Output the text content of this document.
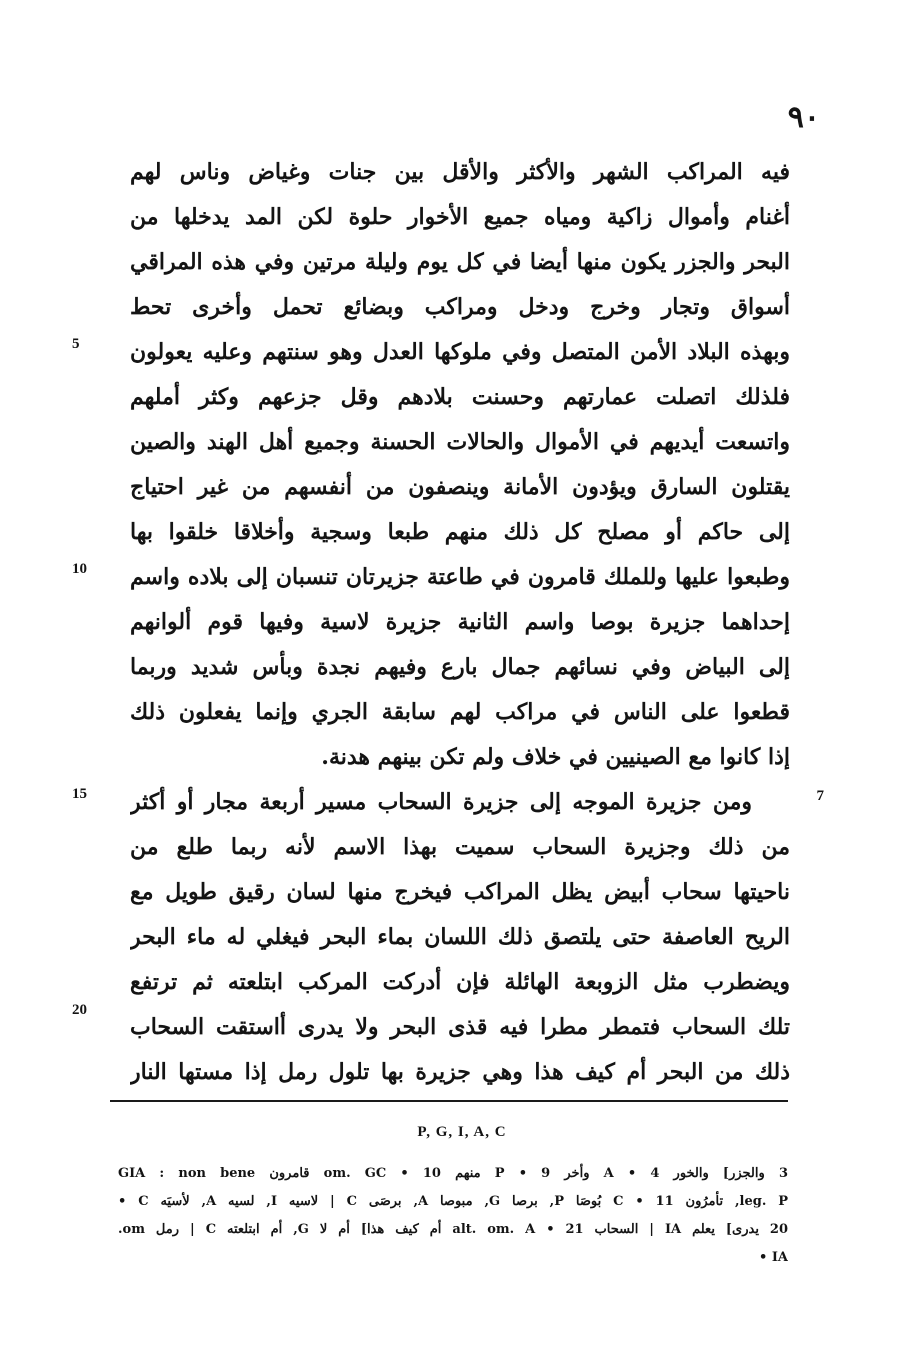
٩٠
فيه المراكب الشهر والأكثر والأقل بين جنات وغياض وناس لهم
أغنام وأموال زاكية ومياه جميع الأخوار حلوة لكن المد يدخلها من
البحر والجزر يكون منها أيضا في كل يوم وليلة مرتين وفي هذه المراقي
أسواق وتجار وخرج ودخل ومراكب وبضائع تحمل وأخرى تحط
وبهذه البلاد الأمن المتصل وفي ملوكها العدل وهو سنتهم وعليه يعولون
فلذلك اتصلت عمارتهم وحسنت بلادهم وقل جزعهم وكثر أملهم
واتسعت أيديهم في الأموال والحالات الحسنة وجميع أهل الهند والصين
يقتلون السارق ويؤدون الأمانة وينصفون من أنفسهم من غير احتياج
إلى حاكم أو مصلح كل ذلك منهم طبعا وسجية وأخلاقا خلقوا بها
وطبعوا عليها وللملك قامرون في طاعتة جزيرتان تنسبان إلى بلاده واسم
إحداهما جزيرة بوصا واسم الثانية جزيرة لاسية وفيها قوم ألوانهم
إلى البياض وفي نسائهم جمال بارع وفيهم نجدة وبأس شديد وربما
قطعوا على الناس في مراكب لهم سابقة الجري وإنما يفعلون ذلك
إذا كانوا مع الصينيين في خلاف ولم تكن بينهم هدنة.
ومن جزيرة الموجه إلى جزيرة السحاب مسير أربعة مجار أو أكثر
من ذلك وجزيرة السحاب سميت بهذا الاسم لأنه ربما طلع من
ناحيتها سحاب أبيض يظل المراكب فيخرج منها لسان رقيق طويل مع
الريح العاصفة حتى يلتصق ذلك اللسان بماء البحر فيغلي له ماء البحر
ويضطرب مثل الزوبعة الهائلة فإن أدركت المركب ابتلعته ثم ترتفع
تلك السحاب فتمطر مطرا فيه قذى البحر ولا يدرى أاستقت السحاب
ذلك من البحر أم كيف هذا وهي جزيرة بها تلول رمل إذا مستها النار
5
10
15
20
7
P, G, I, A, C
3 والجزر] والخور A • 4 وأخر P • 9 منهم om. GC • 10 قامرون GIA : non bene
leg. P, تأمرُون C • 11 بُوصَا P, برصا G, مبوصا A, برصَى C | لاسيه I, لسيه A, لأسيَه C •
20 يدرى] يعلم IA | السحاب alt. om. A • 21 أم كيف هذا] أم لا G, أم ابتلعته C | رمل om.
IA •
